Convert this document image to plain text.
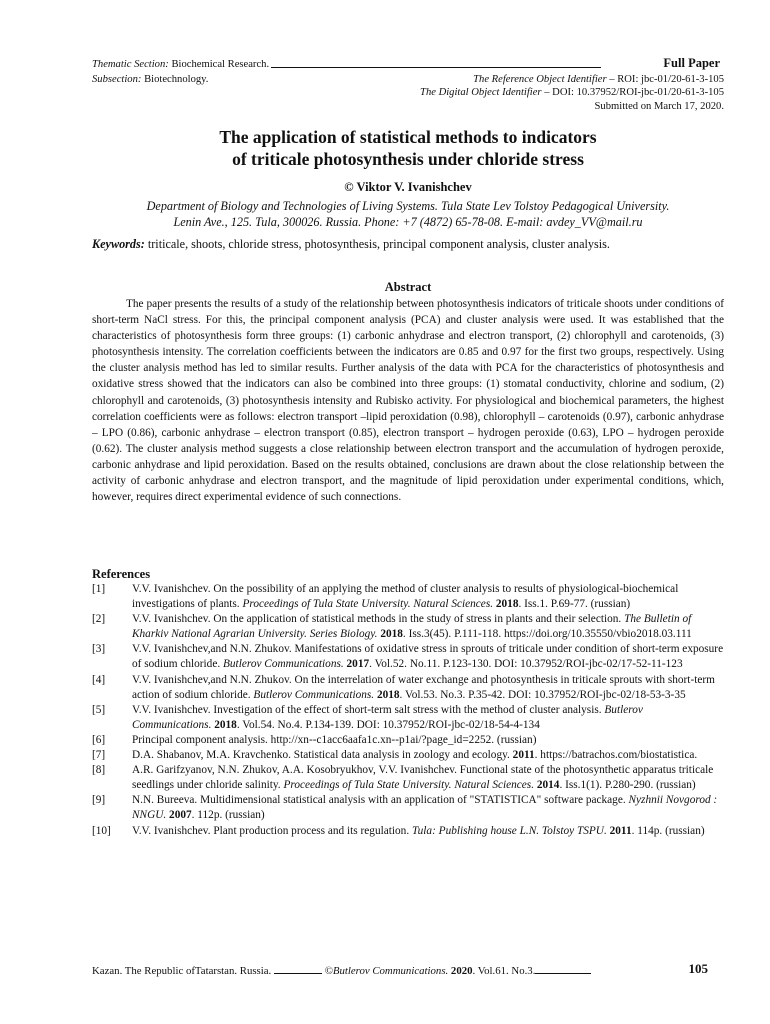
Thematic Section: Biochemical Research.	Full Paper
Subsection: Biotechnology.	The Reference Object Identifier – ROI: jbc-01/20-61-3-105
The Digital Object Identifier – DOI: 10.37952/ROI-jbc-01/20-61-3-105
Submitted on March 17, 2020.
The application of statistical methods to indicators
of triticale photosynthesis under chloride stress
© Viktor V. Ivanishchev
Department of Biology and Technologies of Living Systems. Tula State Lev Tolstoy Pedagogical University.
Lenin Ave., 125. Tula, 300026. Russia. Phone: +7 (4872) 65-78-08. E-mail: avdey_VV@mail.ru
Keywords: triticale, shoots, chloride stress, photosynthesis, principal component analysis, cluster analysis.
Abstract
The paper presents the results of a study of the relationship between photosynthesis indicators of triticale shoots under conditions of short-term NaCl stress. For this, the principal component analysis (PCA) and cluster analysis were used. It was established that the characteristics of photosynthesis form three groups: (1) carbonic anhydrase and electron transport, (2) chlorophyll and carotenoids, (3) photosynthesis intensity. The correlation coefficients between the indicators are 0.85 and 0.97 for the first two groups, respectively. Using the cluster analysis method has led to similar results. Further analysis of the data with PCA for the characteristics of photosynthesis and oxidative stress showed that the indicators can also be combined into three groups: (1) stomatal conductivity, chlorine and sodium, (2) chlorophyll and carotenoids, (3) photosynthesis intensity and Rubisko activity. For physiological and biochemical parameters, the highest correlation coefficients were as follows: electron transport –lipid peroxidation (0.98), chlorophyll – carotenoids (0.97), carbonic anhydrase – LPO (0.86), carbonic anhydrase – electron transport (0.85), electron transport – hydrogen peroxide (0.63), LPO – hydrogen peroxide (0.62). The cluster analysis method suggests a close relationship between electron transport and the accumulation of hydrogen peroxide, carbonic anhydrase and lipid peroxidation. Based on the results obtained, conclusions are drawn about the close relationship between the activity of carbonic anhydrase and electron transport, and the magnitude of lipid peroxidation under experimental conditions, which, however, requires direct experimental evidence of such connections.
References
[1] V.V. Ivanishchev. On the possibility of an applying the method of cluster analysis to results of physiological-biochemical investigations of plants. Proceedings of Tula State University. Natural Sciences. 2018. Iss.1. P.69-77. (russian)
[2] V.V. Ivanishchev. On the application of statistical methods in the study of stress in plants and their selection. The Bulletin of Kharkiv National Agrarian University. Series Biology. 2018. Iss.3(45). P.111-118. https://doi.org/10.35550/vbio2018.03.111
[3] V.V. Ivanishchev,and N.N. Zhukov. Manifestations of oxidative stress in sprouts of triticale under condition of short-term exposure of sodium chloride. Butlerov Communications. 2017. Vol.52. No.11. P.123-130. DOI: 10.37952/ROI-jbc-02/17-52-11-123
[4] V.V. Ivanishchev,and N.N. Zhukov. On the interrelation of water exchange and photosynthesis in triticale sprouts with short-term action of sodium chloride. Butlerov Communications. 2018. Vol.53. No.3. P.35-42. DOI: 10.37952/ROI-jbc-02/18-53-3-35
[5] V.V. Ivanishchev. Investigation of the effect of short-term salt stress with the method of cluster analysis. Butlerov Communications. 2018. Vol.54. No.4. P.134-139. DOI: 10.37952/ROI-jbc-02/18-54-4-134
[6] Principal component analysis. http://xn--c1acc6aafa1c.xn--p1ai/?page_id=2252. (russian)
[7] D.A. Shabanov, M.A. Kravchenko. Statistical data analysis in zoology and ecology. 2011. https://batrachos.com/biostatistica.
[8] A.R. Garifzyanov, N.N. Zhukov, A.A. Kosobryukhov, V.V. Ivanishchev. Functional state of the photosynthetic apparatus triticale seedlings under chloride salinity. Proceedings of Tula State University. Natural Sciences. 2014. Iss.1(1). P.280-290. (russian)
[9] N.N. Bureeva. Multidimensional statistical analysis with an application of "STATISTICA" software package. Nyzhnii Novgorod : NNGU. 2007. 112p. (russian)
[10] V.V. Ivanishchev. Plant production process and its regulation. Tula: Publishing house L.N. Tolstoy TSPU. 2011. 114p. (russian)
Kazan. The Republic ofTatarstan. Russia.	©Butlerov Communications. 2020. Vol.61. No.3.	105
